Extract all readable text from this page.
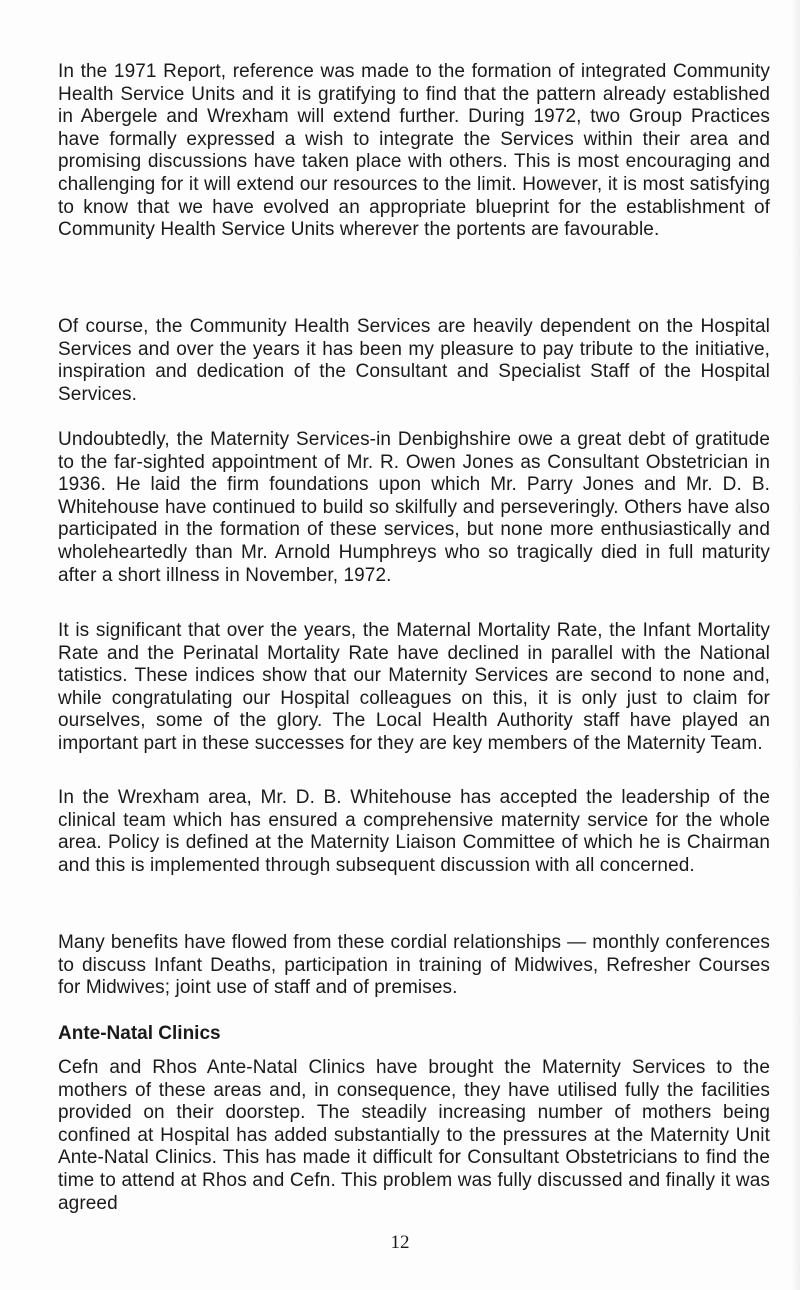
In the 1971 Report, reference was made to the formation of integrated Community Health Service Units and it is gratifying to find that the pattern already established in Abergele and Wrexham will extend further. During 1972, two Group Practices have formally expressed a wish to integrate the Services within their area and promising discussions have taken place with others. This is most encouraging and challenging for it will extend our resources to the limit. However, it is most satisfying to know that we have evolved an appropriate blueprint for the establishment of Community Health Service Units wherever the portents are favourable.

Of course, the Community Health Services are heavily dependent on the Hospital Services and over the years it has been my pleasure to pay tribute to the initiative, inspiration and dedication of the Consultant and Specialist Staff of the Hospital Services.

Undoubtedly, the Maternity Services-in Denbighshire owe a great debt of gratitude to the far-sighted appointment of Mr. R. Owen Jones as Consultant Obstetrician in 1936. He laid the firm foundations upon which Mr. Parry Jones and Mr. D. B. Whitehouse have continued to build so skilfully and perseveringly. Others have also participated in the formation of these services, but none more enthusiastically and wholeheartedly than Mr. Arnold Humphreys who so tragically died in full maturity after a short illness in November, 1972.

It is significant that over the years, the Maternal Mortality Rate, the Infant Mortality Rate and the Perinatal Mortality Rate have declined in parallel with the National tatistics. These indices show that our Maternity Services are second to none and, while congratulating our Hospital colleagues on this, it is only just to claim for ourselves, some of the glory. The Local Health Authority staff have played an important part in these successes for they are key members of the Maternity Team.

In the Wrexham area, Mr. D. B. Whitehouse has accepted the leadership of the clinical team which has ensured a comprehensive maternity service for the whole area. Policy is defined at the Maternity Liaison Committee of which he is Chairman and this is implemented through subsequent discussion with all concerned.

Many benefits have flowed from these cordial relationships — monthly conferences to discuss Infant Deaths, participation in training of Midwives, Refresher Courses for Midwives; joint use of staff and of premises.

Ante-Natal Clinics

Cefn and Rhos Ante-Natal Clinics have brought the Maternity Services to the mothers of these areas and, in consequence, they have utilised fully the facilities provided on their doorstep. The steadily increasing number of mothers being confined at Hospital has added substantially to the pressures at the Maternity Unit Ante-Natal Clinics. This has made it difficult for Consultant Obstetricians to find the time to attend at Rhos and Cefn. This problem was fully discussed and finally it was agreed

12
